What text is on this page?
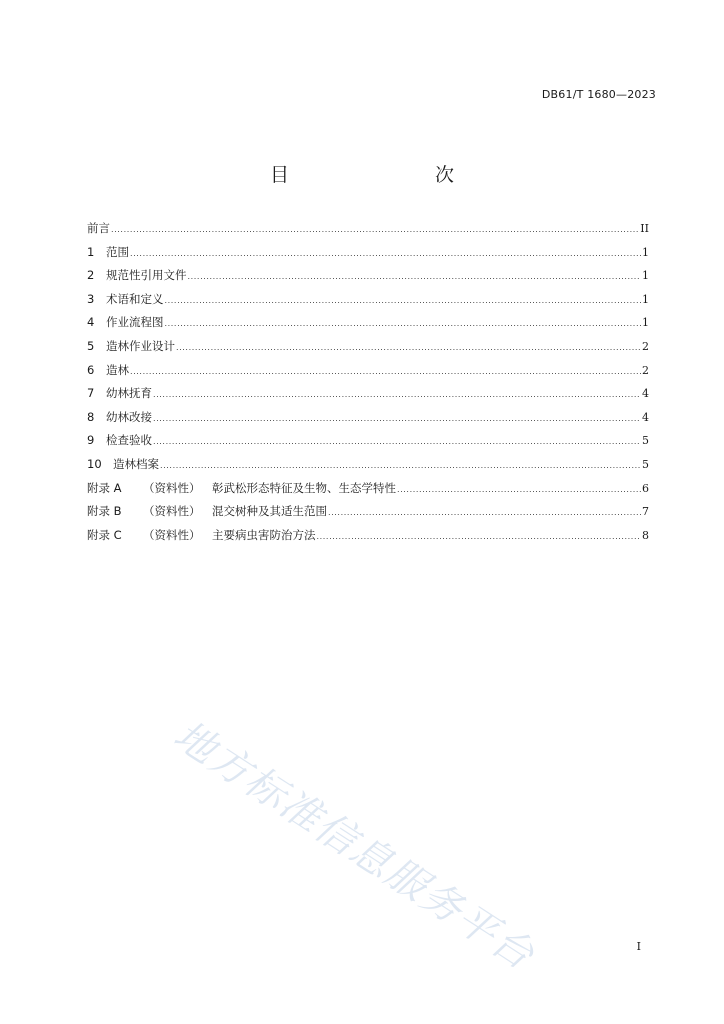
DB61/T 1680—2023
目　　次
前言 .....	II
1	范围 .....	1
2	规范性引用文件 .....	1
3	术语和定义 .....	1
4	作业流程图 .....	1
5	造林作业设计 .....	2
6	造林 .....	2
7	幼林抚育 .....	4
8	幼林改接 .....	4
9	检查验收 .....	5
10 造林档案 .....	5
附录 A	（资料性）	彰武松形态特征及生物、生态学特性 .....	6
附录 B	（资料性）	混交树种及其适生范围 .....	7
附录 C	（资料性）	主要病虫害防治方法 .....	8
地方标准信息服务平台	I
